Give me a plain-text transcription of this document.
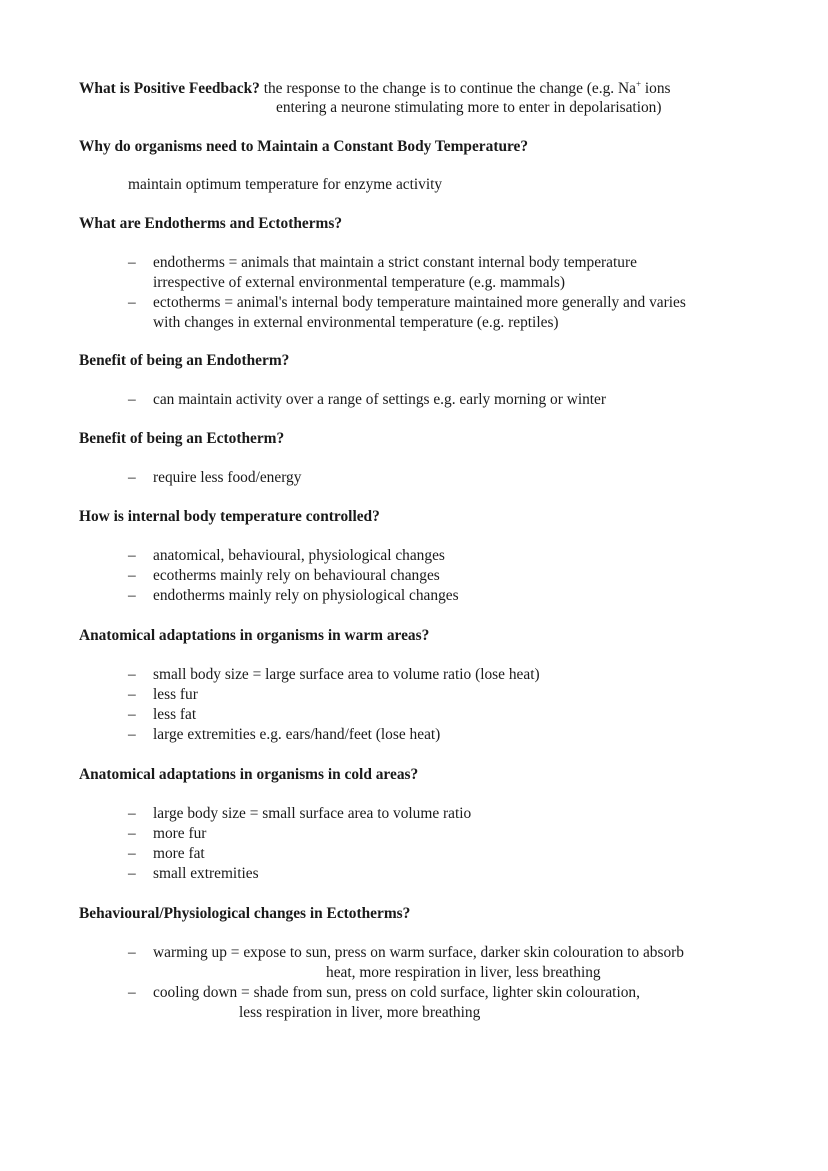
What is Positive Feedback? the response to the change is to continue the change (e.g. Na+ ions
entering a neurone stimulating more to enter in depolarisation)
Why do organisms need to Maintain a Constant Body Temperature?
maintain optimum temperature for enzyme activity
What are Endotherms and Ectotherms?
– endotherms = animals that maintain a strict constant internal body temperature
irrespective of external environmental temperature (e.g. mammals)
– ectotherms = animal's internal body temperature maintained more generally and varies
with changes in external environmental temperature (e.g. reptiles)
Benefit of being an Endotherm?
– can maintain activity over a range of settings e.g. early morning or winter
Benefit of being an Ectotherm?
– require less food/energy
How is internal body temperature controlled?
– anatomical, behavioural, physiological changes
– ecotherms mainly rely on behavioural changes
– endotherms mainly rely on physiological changes
Anatomical adaptations in organisms in warm areas?
– small body size = large surface area to volume ratio (lose heat)
– less fur
– less fat
– large extremities e.g. ears/hand/feet (lose heat)
Anatomical adaptations in organisms in cold areas?
– large body size = small surface area to volume ratio
– more fur
– more fat
– small extremities
Behavioural/Physiological changes in Ectotherms?
– warming up = expose to sun, press on warm surface, darker skin colouration to absorb
heat, more respiration in liver, less breathing
– cooling down = shade from sun, press on cold surface, lighter skin colouration,
less respiration in liver, more breathing
